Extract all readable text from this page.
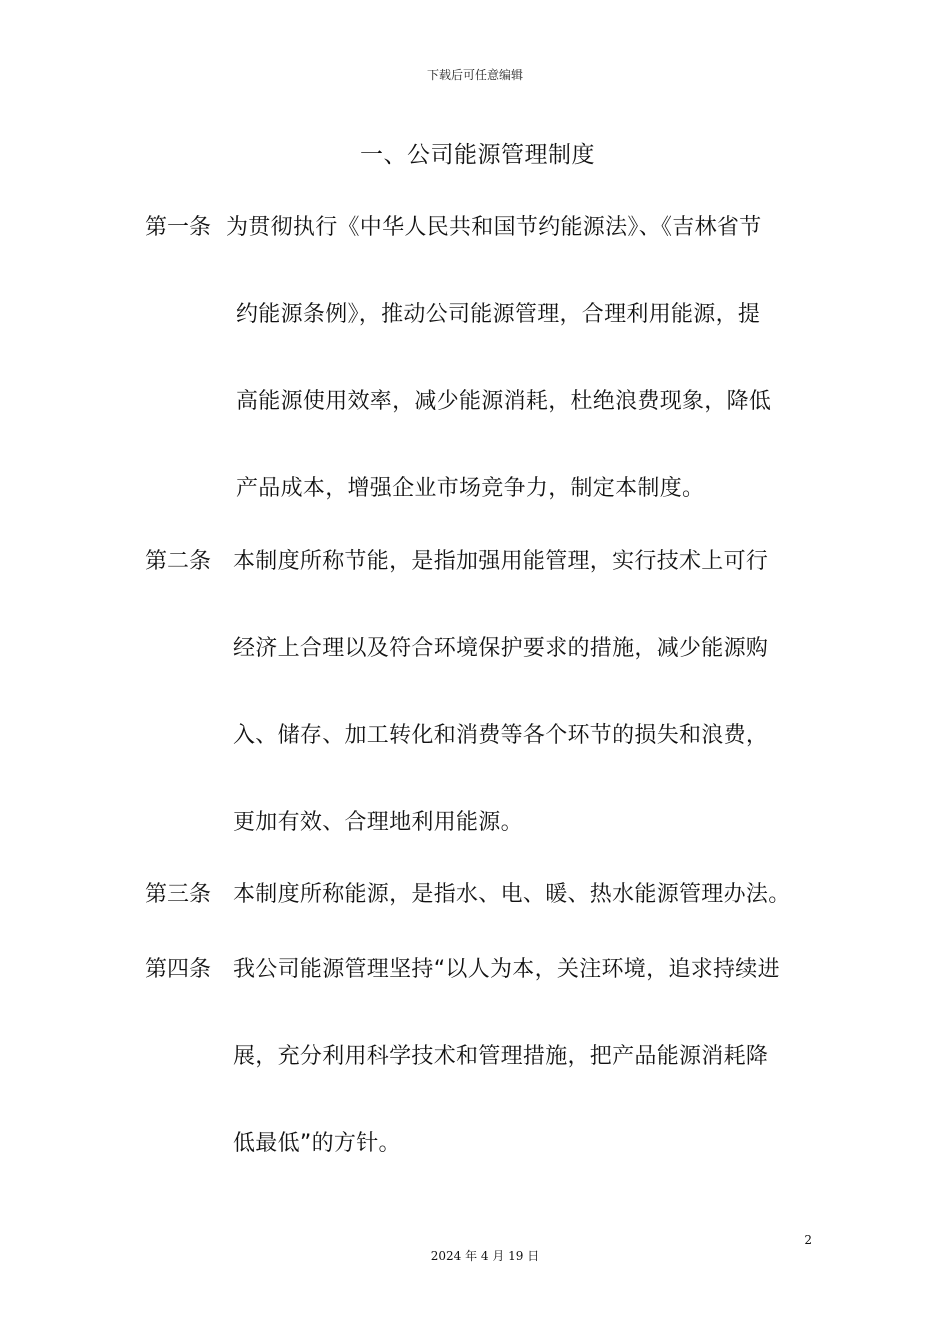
下载后可任意编辑
一、公司能源管理制度
第一条 为贯彻执行《中华人民共和国节约能源法》、《吉林省节
约能源条例》，推动公司能源管理，合理利用能源，提
高能源使用效率，减少能源消耗，杜绝浪费现象，降低
产品成本，增强企业市场竞争力，制定本制度。
第二条 本制度所称节能，是指加强用能管理，实行技术上可行
经济上合理以及符合环境保护要求的措施，减少能源购
入、储存、加工转化和消费等各个环节的损失和浪费，
更加有效、合理地利用能源。
第三条 本制度所称能源，是指水、电、暖、热水能源管理办法。
第四条 我公司能源管理坚持“以人为本，关注环境，追求持续进
展，充分利用科学技术和管理措施，把产品能源消耗降
低最低”的方针。
2
2024 年 4 月 19 日
